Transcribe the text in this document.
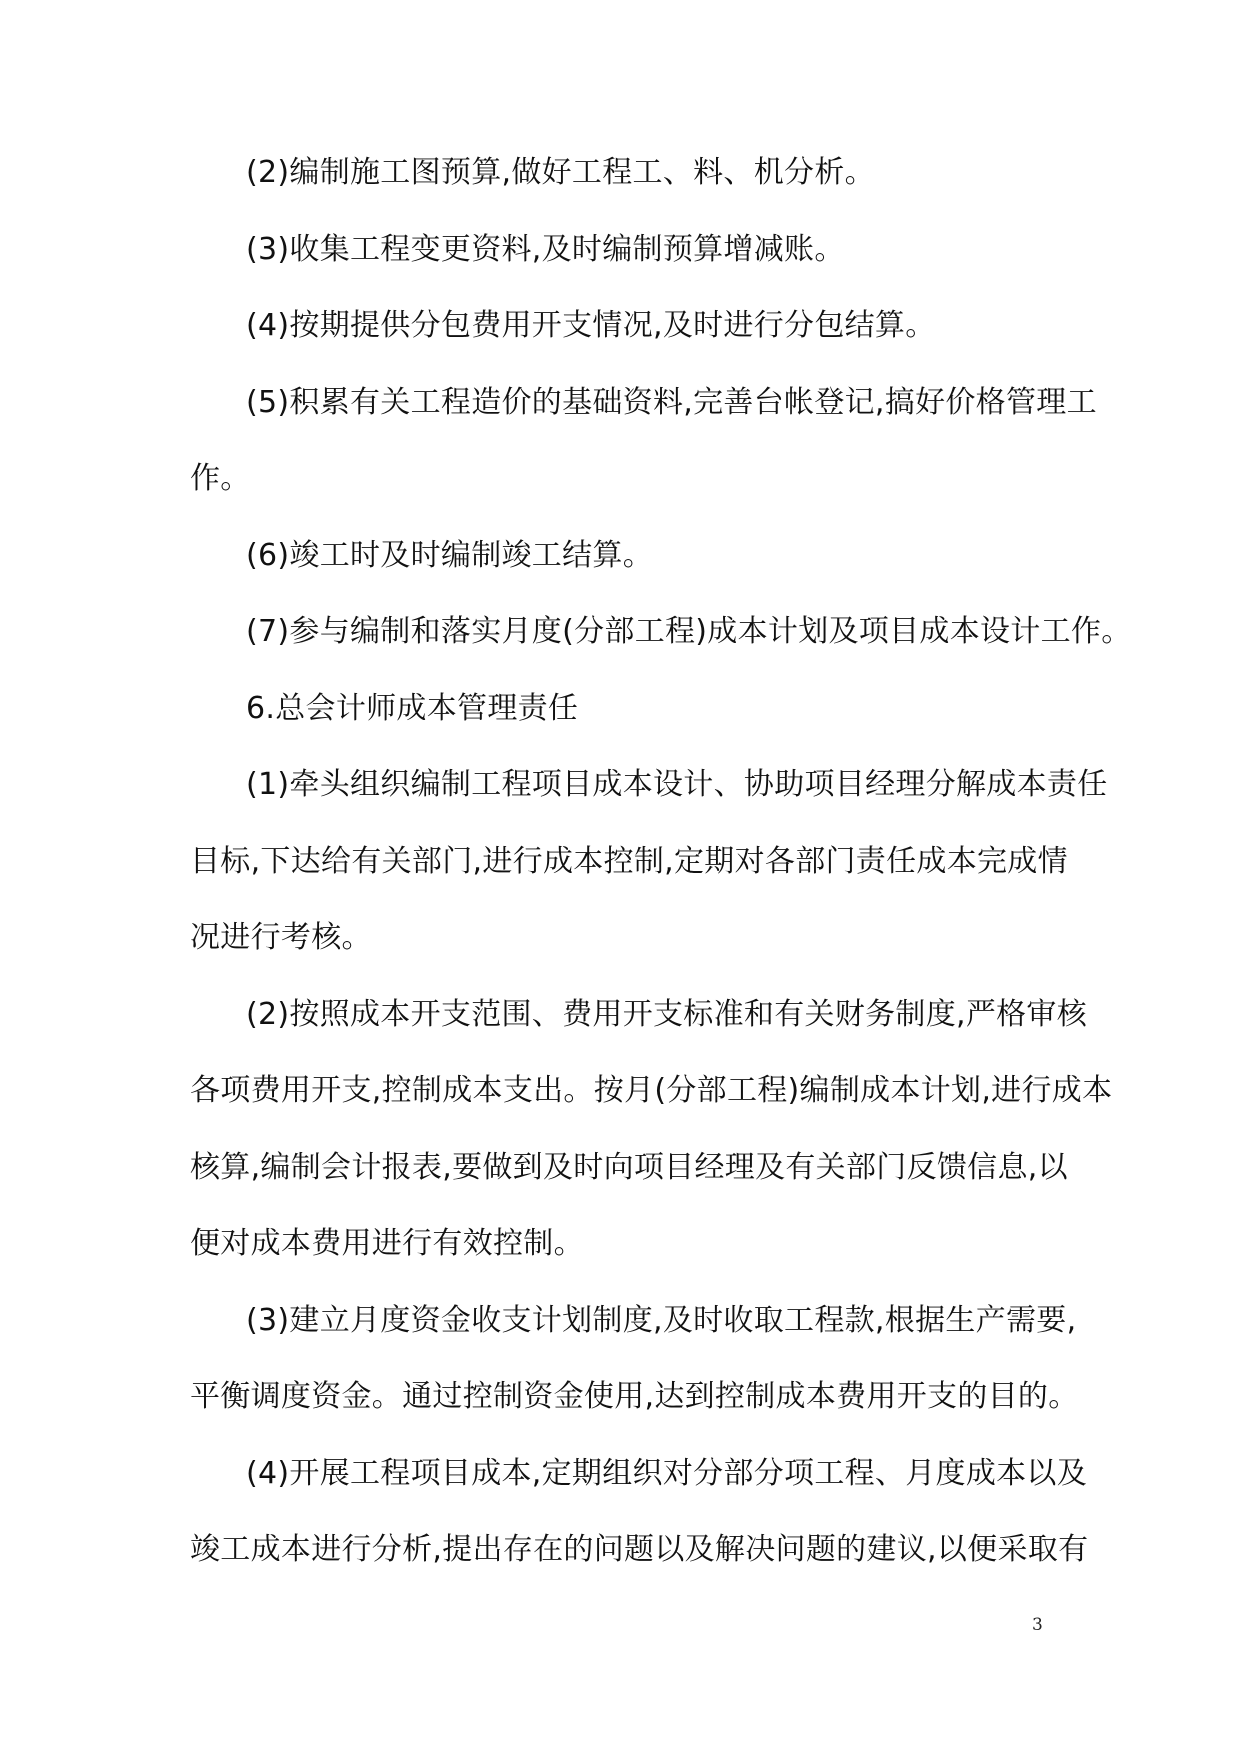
(2)编制施工图预算,做好工程工、料、机分析。
(3)收集工程变更资料,及时编制预算增减账。
(4)按期提供分包费用开支情况,及时进行分包结算。
(5)积累有关工程造价的基础资料,完善台帐登记,搞好价格管理工
作。
(6)竣工时及时编制竣工结算。
(7)参与编制和落实月度(分部工程)成本计划及项目成本设计工作。
6.总会计师成本管理责任
(1)牵头组织编制工程项目成本设计、协助项目经理分解成本责任
目标,下达给有关部门,进行成本控制,定期对各部门责任成本完成情
况进行考核。
(2)按照成本开支范围、费用开支标准和有关财务制度,严格审核
各项费用开支,控制成本支出。按月(分部工程)编制成本计划,进行成本
核算,编制会计报表,要做到及时向项目经理及有关部门反馈信息,以
便对成本费用进行有效控制。
(3)建立月度资金收支计划制度,及时收取工程款,根据生产需要,
平衡调度资金。通过控制资金使用,达到控制成本费用开支的目的。
(4)开展工程项目成本,定期组织对分部分项工程、月度成本以及
竣工成本进行分析,提出存在的问题以及解决问题的建议,以便采取有
3
